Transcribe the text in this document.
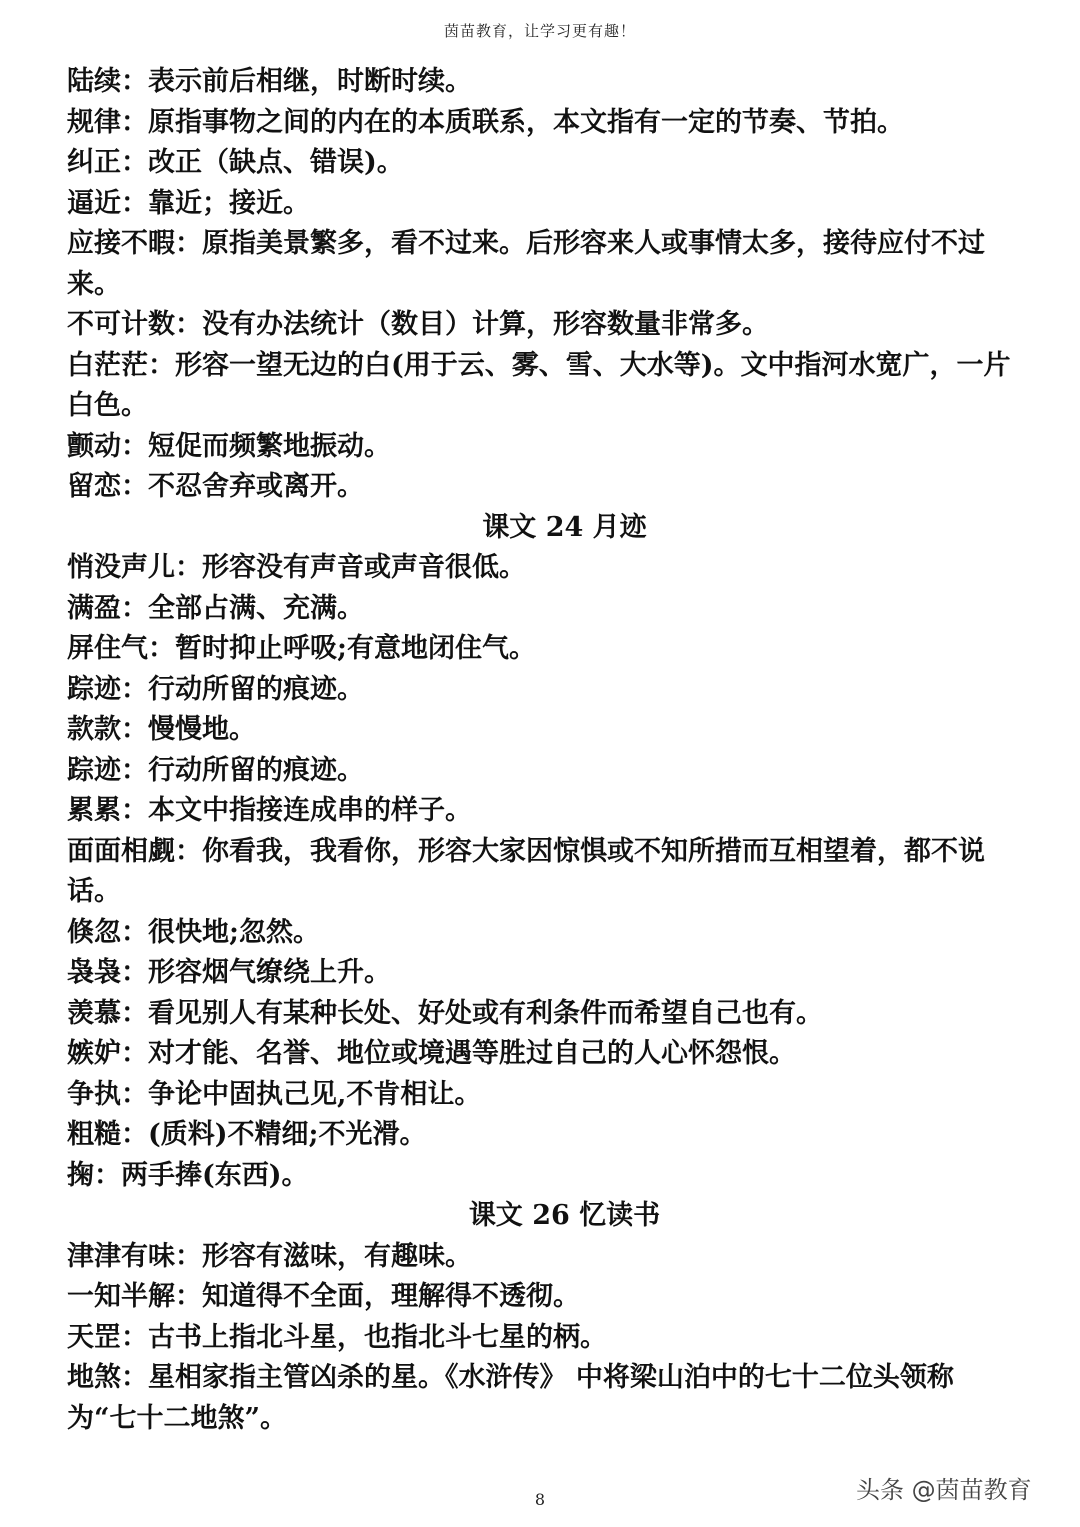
茵苗教育，让学习更有趣！

陆续：表示前后相继，时断时续。

规律：原指事物之间的内在的本质联系，本文指有一定的节奏、节拍。

纠正：改正（缺点、错误)。

逼近：靠近；接近。

应接不暇：原指美景繁多，看不过来。后形容来人或事情太多，接待应付不过来。

不可计数：没有办法统计（数目）计算，形容数量非常多。

白茫茫：形容一望无边的白(用于云、雾、雪、大水等)。文中指河水宽广，一片白色。

颤动：短促而频繁地振动。

留恋：不忍舍弃或离开。

课文 24 月迹

悄没声儿：形容没有声音或声音很低。

满盈：全部占满、充满。

屏住气：暂时抑止呼吸;有意地闭住气。

踪迹：行动所留的痕迹。

款款：慢慢地。

踪迹：行动所留的痕迹。

累累：本文中指接连成串的样子。

面面相觑：你看我，我看你，形容大家因惊惧或不知所措而互相望着，都不说话。

倏忽：很快地;忽然。

袅袅：形容烟气缭绕上升。

羡慕：看见别人有某种长处、好处或有利条件而希望自己也有。

嫉妒：对才能、名誉、地位或境遇等胜过自己的人心怀怨恨。

争执：争论中固执己见,不肯相让。

粗糙：(质料)不精细;不光滑。

掬：两手捧(东西)。

课文 26 忆读书

津津有味：形容有滋味，有趣味。

一知半解：知道得不全面，理解得不透彻。

天罡：古书上指北斗星，也指北斗七星的柄。

地煞：星相家指主管凶杀的星。《水浒传》 中将梁山泊中的七十二位头领称为“七十二地煞”。

8	头条 @茵苗教育
